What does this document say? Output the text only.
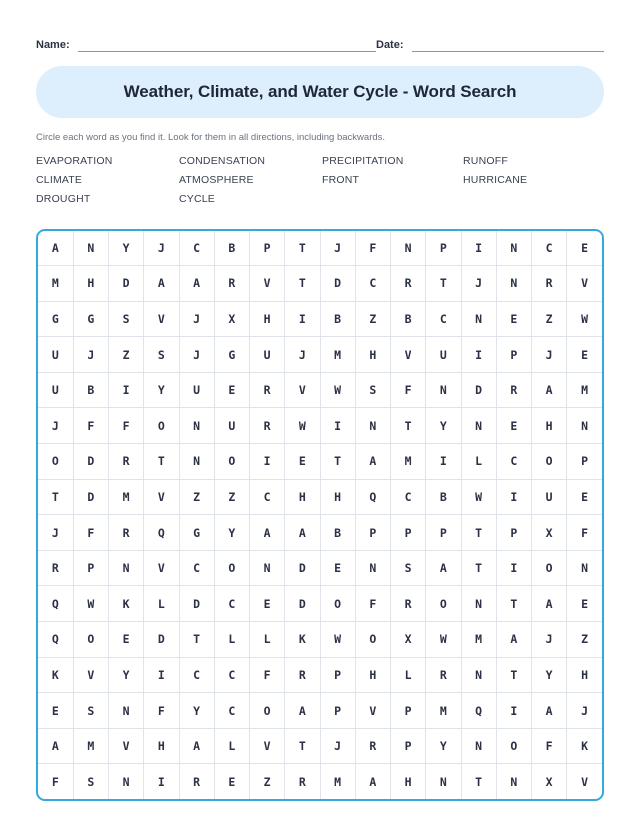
Name:	Date:
Weather, Climate, and Water Cycle - Word Search

Circle each word as you find it. Look for them in all directions, including backwards.

EVAPORATION	CONDENSATION	PRECIPITATION	RUNOFF
CLIMATE	ATMOSPHERE	FRONT	HURRICANE
DROUGHT	CYCLE
A	N	Y	J	C	B	P	T	J	F	N	P	I	N	C	E
M	H	D	A	A	R	V	T	D	C	R	T	J	N	R	V
G	G	S	V	J	X	H	I	B	Z	B	C	N	E	Z	W
U	J	Z	S	J	G	U	J	M	H	V	U	I	P	J	E
U	B	I	Y	U	E	R	V	W	S	F	N	D	R	A	M
J	F	F	O	N	U	R	W	I	N	T	Y	N	E	H	N
O	D	R	T	N	O	I	E	T	A	M	I	L	C	O	P
T	D	M	V	Z	Z	C	H	H	Q	C	B	W	I	U	E
J	F	R	Q	G	Y	A	A	B	P	P	P	T	P	X	F
R	P	N	V	C	O	N	D	E	N	S	A	T	I	O	N
Q	W	K	L	D	C	E	D	O	F	R	O	N	T	A	E
Q	O	E	D	T	L	L	K	W	O	X	W	M	A	J	Z
K	V	Y	I	C	C	F	R	P	H	L	R	N	T	Y	H
E	S	N	F	Y	C	O	A	P	V	P	M	Q	I	A	J
A	M	V	H	A	L	V	T	J	R	P	Y	N	O	F	K
F	S	N	I	R	E	Z	R	M	A	H	N	T	N	X	V
